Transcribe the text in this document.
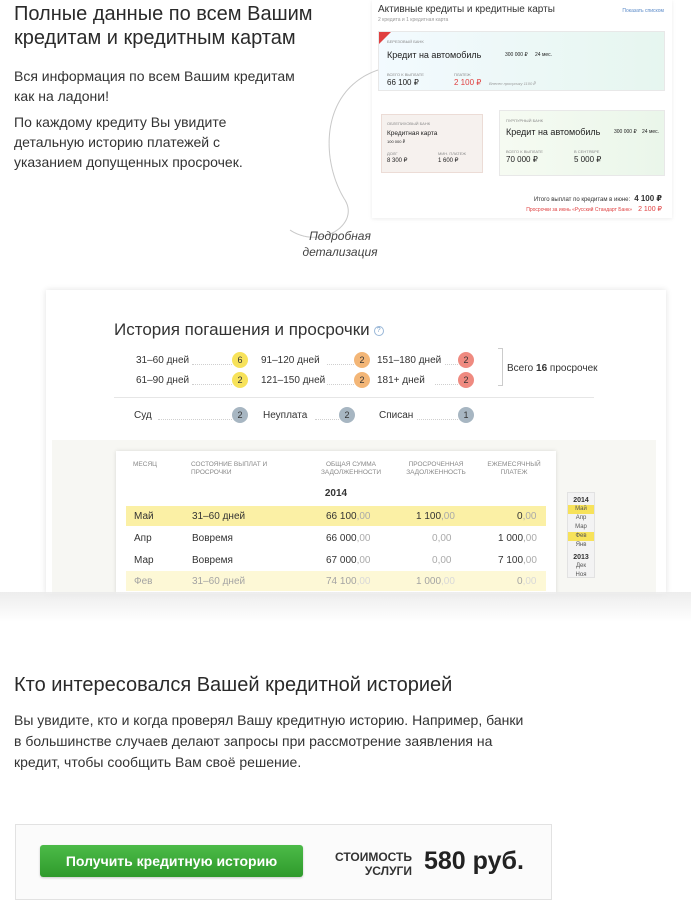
Полные данные по всем Вашим кредитам и кредитным картам
Вся информация по всем Вашим кредитам как на ладони!
По каждому кредиту Вы увидите детальную историю платежей с указанием допущенных просрочек.
Активные кредиты и кредитные карты
2 кредита и 1 кредитная карта
Показать списком
БЕРЕЗОВЫЙ БАНК
Кредит на автомобиль	300 000 ₽ 24 мес.
ВСЕГО К ВЫПЛАТЕ
66 100 ₽
ПЛАТЕЖ
2 100 ₽ Внесен просрочку 1100 ₽
ОБЛЕПИХОВЫЙ БАНК
Кредитная карта
100 000 ₽
ДОЛГ
8 300 ₽
МИН. ПЛАТЕЖ
1 600 ₽
ПУРПУРНЫЙ БАНК
Кредит на автомобиль	300 000 ₽ 24 мес.
ВСЕГО К ВЫПЛАТЕ
70 000 ₽
В СЕНТЯБРЕ
5 000 ₽
Итого выплат по кредитам в июне: 4 100 ₽
Просрочки за июнь «Русский Стандарт Банк» 2 100 ₽
Подробная детализация
История погашения и просрочки ?
31–60 дней	6
61–90 дней	2
91–120 дней	2
121–150 дней	2
151–180 дней	2
181+ дней	2
Всего 16 просрочек
Суд	2	Неуплата	2	Списан	1
МЕСЯЦ	СОСТОЯНИЕ ВЫПЛАТ И ПРОСРОЧКИ
ОБЩАЯ СУММА ЗАДОЛЖЕННОСТИ
ПРОСРОЧЕННАЯ ЗАДОЛЖЕННОСТЬ
ЕЖЕМЕСЯЧНЫЙ ПЛАТЕЖ
2014
Май	31–60 дней	66 100,00	1 100,00	0,00
Апр	Вовремя	66 000,00	0,00	1 000,00
Мар	Вовремя	67 000,00	0,00	7 100,00
Фев	31–60 дней	74 100,00	1 000,00	0,00
2014
Май
Апр
Мар
Фев
Янв
2013
Дек
Ноя
Кто интересовался Вашей кредитной историей
Вы увидите, кто и когда проверял Вашу кредитную историю. Например, банки в большинстве случаев делают запросы при рассмотрение заявления на кредит, чтобы сообщить Вам своё решение.
Получить кредитную историю	СТОИМОСТЬ УСЛУГИ 580 руб.
